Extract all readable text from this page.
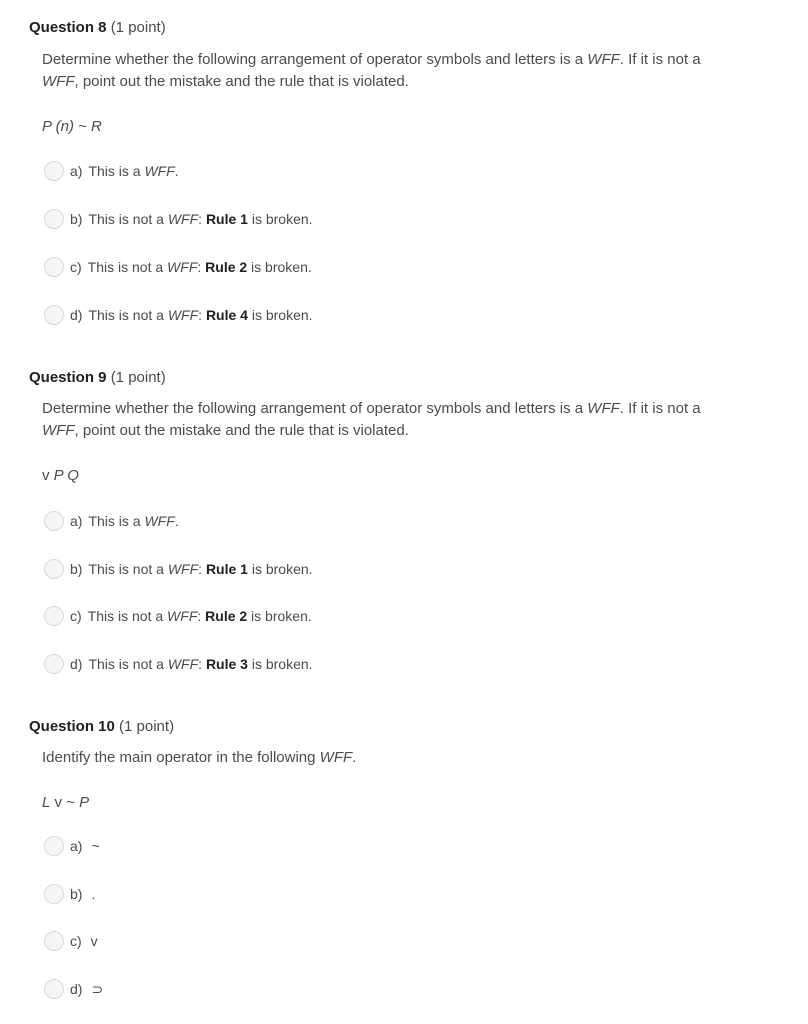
Question 8 (1 point)
Determine whether the following arrangement of operator symbols and letters is a WFF. If it is not a WFF, point out the mistake and the rule that is violated.
P (n) ~ R
a) This is a WFF.
b) This is not a WFF: Rule 1 is broken.
c) This is not a WFF: Rule 2 is broken.
d) This is not a WFF: Rule 4 is broken.
Question 9 (1 point)
Determine whether the following arrangement of operator symbols and letters is a WFF. If it is not a WFF, point out the mistake and the rule that is violated.
v P Q
a) This is a WFF.
b) This is not a WFF: Rule 1 is broken.
c) This is not a WFF: Rule 2 is broken.
d) This is not a WFF: Rule 3 is broken.
Question 10 (1 point)
Identify the main operator in the following WFF.
L v ~ P
a) ~
b) .
c) v
d) ⊃
